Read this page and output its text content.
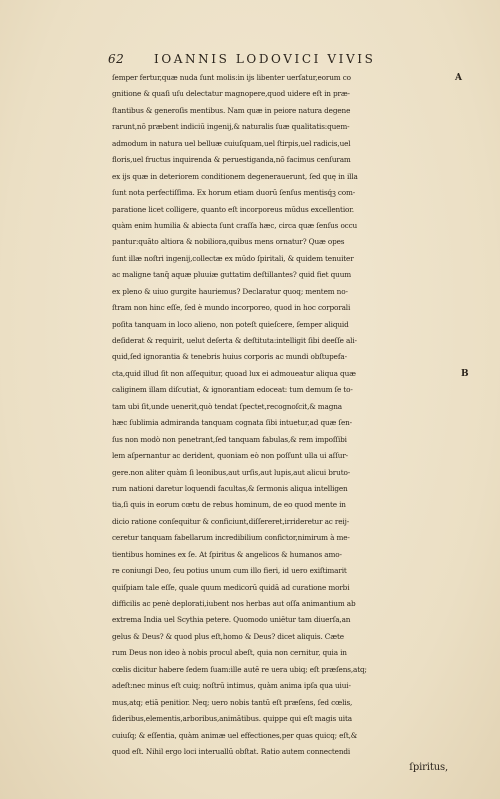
62 IOANNIS LODOVICI VIVIS
A
B
ſemper fertur,quæ nuda ſunt molis:in ijs libenter uerſatur,eorum co
gnitione & quaſi uſu delectatur magnopere,quod uidere eſt in præ-
ſtantibus & generoſis mentibus. Nam quæ in peiore natura degene
rarunt,nō præbent indiciū ingenij,& naturalis ſuæ qualitatis:quem-
admodum in natura uel belluæ cuiuſquam,uel ſtirpis,uel radicis,uel
floris,uel fructus inquirenda & peruestiganda,nō facimus cenſuram
ex ijs quæ in deteriorem conditionem degenerauerunt, ſed quę in illa
ſunt nota perfectiſſima. Ex horum etiam duorū ſenſus mentisq́ꝫ com-
paratione licet colligere, quanto eſt incorporeus mūdus excellentior.
quàm enim humilia & abiecta ſunt craſſa hæc, circa quæ ſenſus occu
pantur:quāto altiora & nobiliora,quibus mens ornatur? Quæ opes
ſunt illæ noſtri ingenij,collectæ ex mūdo ſpiritali, & quidem tenuiter
ac maligne tanq̄ aquæ pluuiæ guttatim deſtillantes? quid fiet quum
ex pleno & uiuo gurgite hauriemus? Declaratur quoq; mentem no-
ſtram non hinc eſſe, ſed è mundo incorporeo, quod in hoc corporali
poſita tanquam in loco alieno, non poteſt quieſcere, ſemper aliquid
deſiderat & requirit, uelut deſerta & deſtituta:intelligit ſibi deeſſe ali-
quid,ſed ignorantia & tenebris huius corporis ac mundi obſtupefa-
cta,quid illud ſit non aſſequitur, quoad lux ei admoueatur aliqua quæ
caliginem illam diſcutiat, & ignorantiam edoceat: tum demum ſe to-
tam ubi ſit,unde uenerit,quò tendat ſpectet,recognoſcit,& magna
hæc ſublimia admiranda tanquam cognata ſibi intuetur,ad quæ ſen-
ſus non modò non penetrant,ſed tanquam fabulas,& rem impoſſibi
lem aſpernantur ac derident, quoniam eò non poſſunt ulla ui aſſur-
gere.non aliter quàm ſi leonibus,aut urſis,aut lupis,aut alicui bruto-
rum nationi daretur loquendi facultas,& ſermonis aliqua intelligen
tia,ſi quis in eorum cœtu de rebus hominum, de eo quod mente in
dicio ratione conſequitur & conficiunt,diſſereret,irrideretur ac reij-
ceretur tanquam fabellarum incredibilium confictor,nimirum à me-
tientibus homines ex ſe. At ſpiritus & angelicos & humanos amo-
re coniungi Deo, ſeu potius unum cum illo fieri, id uero exiſtimarit
quiſpiam tale eſſe, quale quum medicorū quidā ad curatione morbi
difficilis ac penè deplorati,iubent nos herbas aut oſſa animantium ab
extrema India uel Scythia petere. Quomodo uniētur tam diuerſa,an
gelus & Deus? & quod plus eſt,homo & Deus? dicet aliquis. Cæte
rum Deus non ideo à nobis procul abeſt, quia non cernitur, quia in
cœlis dicitur habere ſedem ſuam:ille autē re uera ubiq; eſt præſens,atq;
adeſt:nec minus eſt cuiq; noſtrū intimus, quàm anima ipſa qua uiui-
mus,atq; etiā penitior. Neq; uero nobis tantū eſt præſens, ſed cœlis,
ſideribus,elementis,arboribus,animātibus. quippe qui eſt magis uita
cuiuſq; & eſſentia, quàm animæ uel effectiones,per quas quicq; eſt,&
quod eſt. Nihil ergo loci interuallū obſtat. Ratio autem connectendi
ſpiritus,
